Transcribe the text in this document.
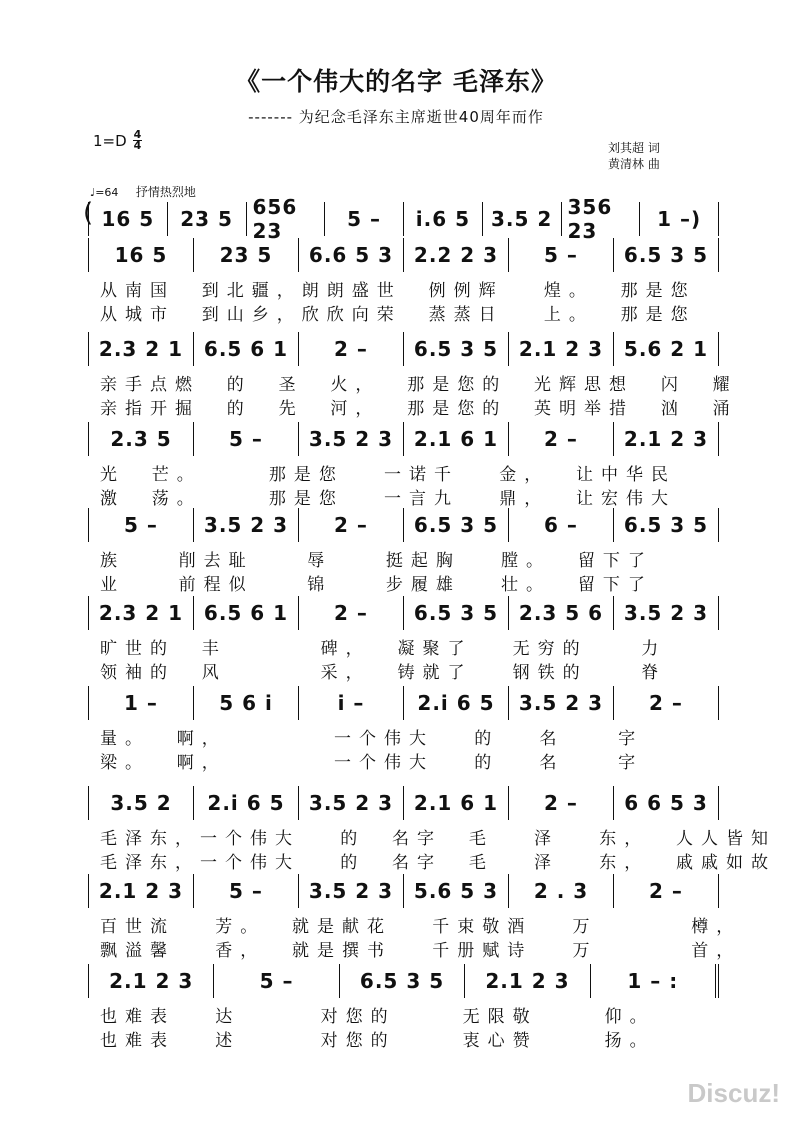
《一个伟大的名字 毛泽东》
------- 为纪念毛泽东主席逝世40周年而作
1=D 4
4	刘其超 词
黄清林 曲
♩=64 抒情热烈地
16 5	23 5 656 23	5 –	i.6 5	3.5 2 356 23	1 –)
(
16 5	23 5	6.6 5 3	2.2 2 3	5 –	6.5 3 5
从南国  到北疆，朗朗盛世  例例辉   煌。  那是您
从城市  到山乡，欣欣向荣  蒸蒸日   上。  那是您
2.3 2 1	6.5 6 1	2 –	6.5 3 5	2.1 2 3	5.6 2 1
亲手点燃  的  圣  火，  那是您的  光辉思想  闪  耀
亲指开掘  的  先  河，  那是您的  英明举措  汹  涌
2.3 5	5 –	3.5 2 3	2.1 6 1	2 –	2.1 2 3
光  芒。     那是您   一诺千   金，  让中华民
激  荡。     那是您   一言九   鼎，  让宏伟大
5 –	3.5 2 3	2 –	6.5 3 5	6 –	6.5 3 5
族    削去耻    辱    挺起胸   膛。  留下了
业    前程似    锦    步履雄   壮。  留下了
2.3 2 1	6.5 6 1	2 –	6.5 3 5	2.3 5 6	3.5 2 3
旷世的  丰       碑，  凝聚了   无穷的    力
领袖的  风       采，  铸就了   钢铁的    脊
1 –	5 6 i	i –	2.i 6 5	3.5 2 3	2 –
量。  啊，        一个伟大   的   名    字
梁。  啊，        一个伟大   的   名    字
3.5 2	2.i 6 5	3.5 2 3	2.1 6 1	2 –	6 6 5 3
毛泽东，一个伟大   的  名字  毛   泽   东，  人人皆知
毛泽东，一个伟大   的  名字  毛   泽   东，  戚戚如故
2.1 2 3	5 –	3.5 2 3	5.6 5 3	2 . 3	2 –
百世流   芳。  就是献花   千束敬酒   万       樽，
飘溢馨   香，  就是撰书   千册赋诗   万       首，
2.1 2 3	5 –	6.5 3 5	2.1 2 3	1 – :
也难表   达      对您的     无限敬     仰。
也难表   述      对您的     衷心赞     扬。
Discuz!
